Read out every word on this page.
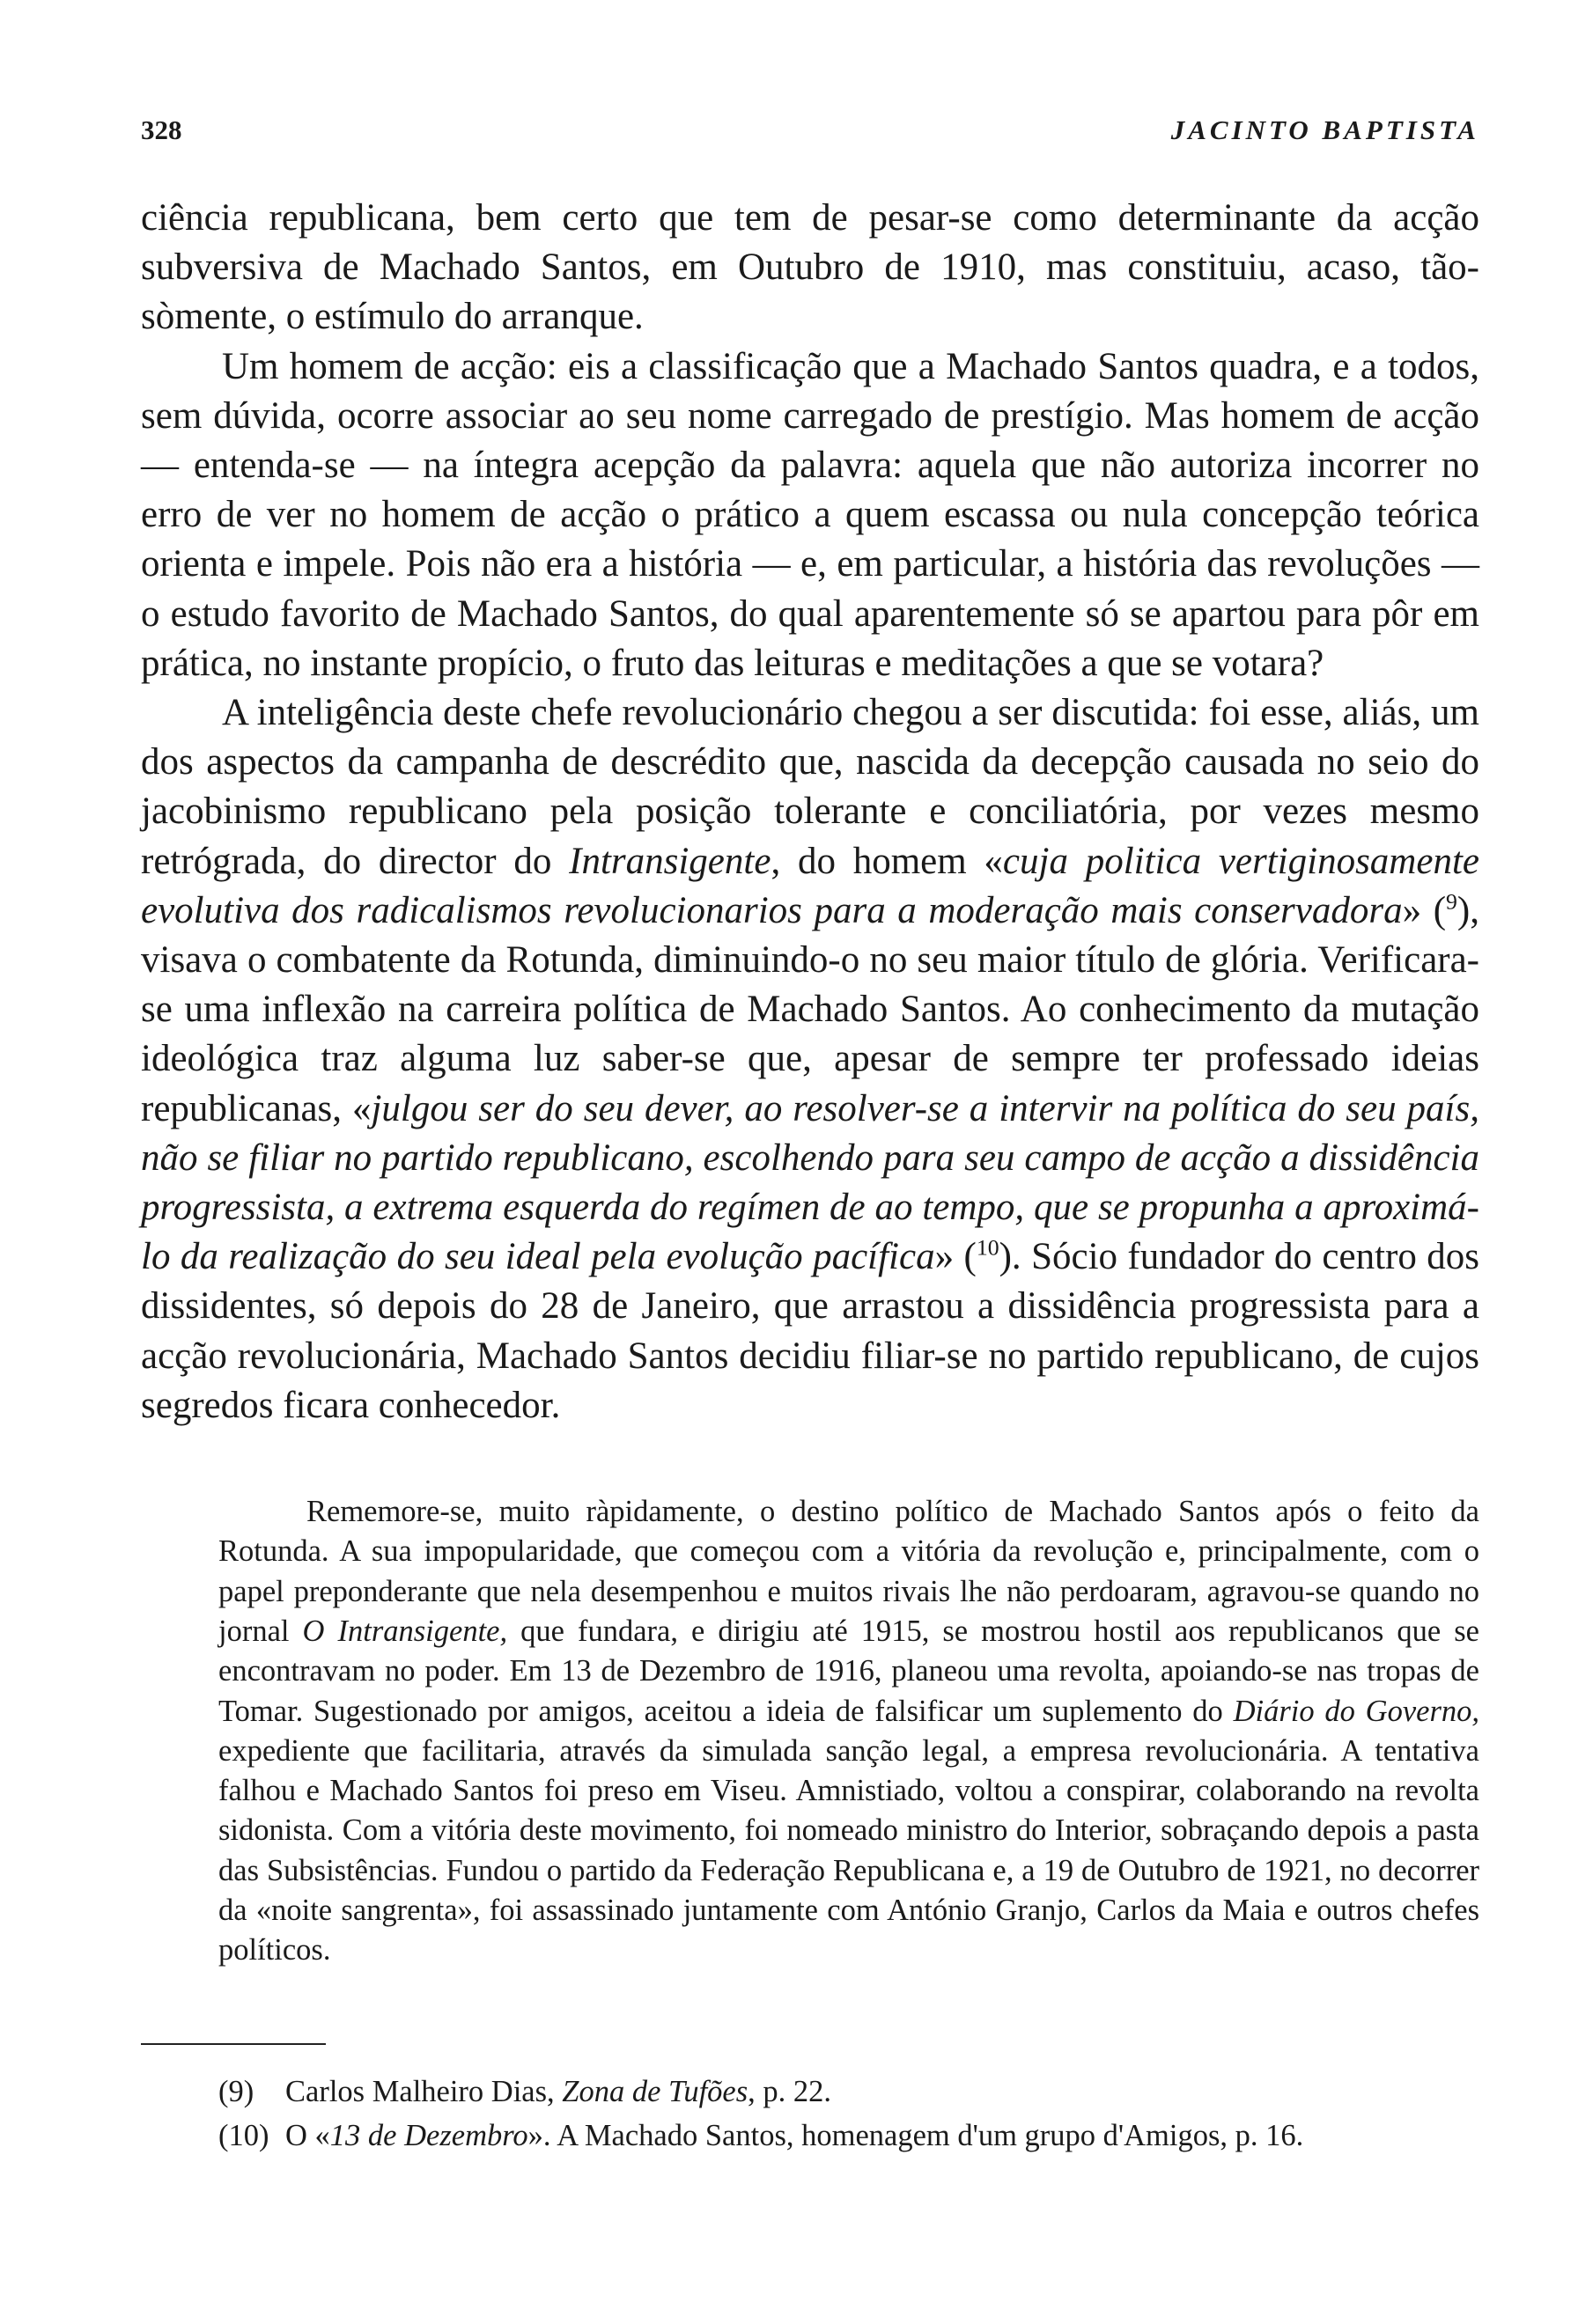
328	JACINTO BAPTISTA

ciência republicana, bem certo que tem de pesar-se como determinante da acção subversiva de Machado Santos, em Outubro de 1910, mas constituiu, acaso, tão-sòmente, o estímulo do arranque.

Um homem de acção: eis a classificação que a Machado Santos quadra, e a todos, sem dúvida, ocorre associar ao seu nome carregado de prestígio. Mas homem de acção — entenda-se — na íntegra acepção da palavra: aquela que não autoriza incorrer no erro de ver no homem de acção o prático a quem escassa ou nula concepção teórica orienta e impele. Pois não era a história — e, em particular, a história das revoluções — o estudo favorito de Machado Santos, do qual aparentemente só se apartou para pôr em prática, no instante propício, o fruto das leituras e meditações a que se votara?

A inteligência deste chefe revolucionário chegou a ser discutida: foi esse, aliás, um dos aspectos da campanha de descrédito que, nascida da decepção causada no seio do jacobinismo republicano pela posição tolerante e conciliatória, por vezes mesmo retrógrada, do director do Intransigente, do homem «cuja politica vertiginosamente evolutiva dos radicalismos revolucionarios para a moderação mais conservadora» ($^9$), visava o combatente da Rotunda, diminuindo-o no seu maior título de glória. Verificara-se uma inflexão na carreira política de Machado Santos. Ao conhecimento da mutação ideológica traz alguma luz saber-se que, apesar de sempre ter professado ideias republicanas, «julgou ser do seu dever, ao resolver-se a intervir na política do seu país, não se filiar no partido republicano, escolhendo para seu campo de acção a dissidência progressista, a extrema esquerda do regímen de ao tempo, que se propunha a aproximá-lo da realização do seu ideal pela evolução pacífica» ($^{10}$). Sócio fundador do centro dos dissidentes, só depois do 28 de Janeiro, que arrastou a dissidência progressista para a acção revolucionária, Machado Santos decidiu filiar-se no partido republicano, de cujos segredos ficara conhecedor.

Rememore-se, muito ràpidamente, o destino político de Machado Santos após o feito da Rotunda. A sua impopularidade, que começou com a vitória da revolução e, principalmente, com o papel preponderante que nela desempenhou e muitos rivais lhe não perdoaram, agravou-se quando no jornal O Intransigente, que fundara, e dirigiu até 1915, se mostrou hostil aos republicanos que se encontravam no poder. Em 13 de Dezembro de 1916, planeou uma revolta, apoiando-se nas tropas de Tomar. Sugestionado por amigos, aceitou a ideia de falsificar um suplemento do Diário do Governo, expediente que facilitaria, através da simulada sanção legal, a empresa revolucionária. A tentativa falhou e Machado Santos foi preso em Viseu. Amnistiado, voltou a conspirar, colaborando na revolta sidonista. Com a vitória deste movimento, foi nomeado ministro do Interior, sobraçando depois a pasta das Subsistências. Fundou o partido da Federação Republicana e, a 19 de Outubro de 1921, no decorrer da «noite sangrenta», foi assassinado juntamente com António Granjo, Carlos da Maia e outros chefes políticos.

(9)	Carlos Malheiro Dias, Zona de Tufões, p. 22.
(10) O «13 de Dezembro». A Machado Santos, homenagem d'um grupo d'Amigos, p. 16.
